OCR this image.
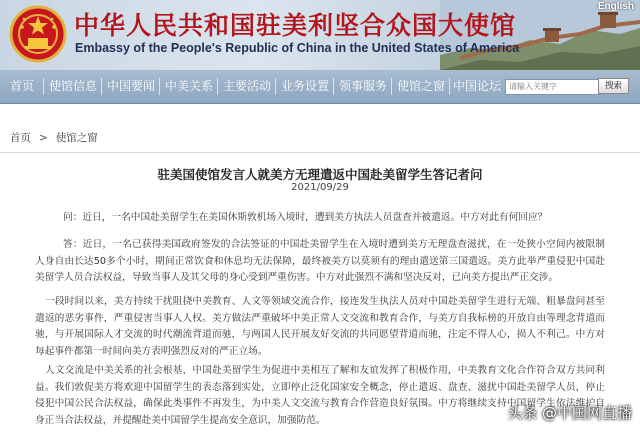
中华人民共和国驻美利坚合众国大使馆
Embassy of the People's Republic of China in the United States of America
English
首页	使馆信息 中国要闻 中美关系 主要活动 业务设置 领事服务 使馆之窗 中国论坛
请输入关键字	搜索
首页 > 使馆之窗
驻美国使馆发言人就美方无理遣返中国赴美留学生答记者问
2021/09/29

问：近日，一名中国赴美留学生在美国休斯敦机场入境时，遭到美方执法人员盘查并被遣返。中方对此有何回应？

答：近日，一名已获得美国政府签发的合法签证的中国赴美留学生在入境时遭到美方无理盘查滋扰，在一处狭小空间内被限制人身自由长达50多个小时，期间正常饮食和休息均无法保障，最终被美方以莫须有的理由遣送第三国遣返。美方此举严重侵犯中国赴美留学人员合法权益，导致当事人及其父母的身心受到严重伤害。中方对此强烈不满和坚决反对，已向美方提出严正交涉。

一段时间以来，美方持续干扰阻挠中美教育、人文等领域交流合作，接连发生执法人员对中国赴美留学生进行无端、粗暴盘问甚至遣返的恶劣事件，严重侵害当事人人权。美方做法严重破坏中美正常人文交流和教育合作，与美方自我标榜的开放自由等理念背道而驰，与开展国际人才交流的时代潮流背道而驰，与两国人民开展友好交流的共同愿望背道而驰，注定不得人心，损人不利己。中方对每起事件都第一时间向美方表明强烈反对的严正立场。

人文交流是中美关系的社会根基，中国赴美留学生为促进中美相互了解和友谊发挥了积极作用，中美教育文化合作符合双方共同利益。我们敦促美方将欢迎中国留学生的表态落到实处，立即停止泛化国家安全概念，停止遣返、盘查、滋扰中国赴美留学人员，停止侵犯中国公民合法权益，确保此类事件不再发生，为中美人文交流与教育合作营造良好氛围。中方将继续支持中国留学生依法维护自身正当合法权益，并提醒赴美中国留学生提高安全意识，加强防范。	头条 @中国网直播
